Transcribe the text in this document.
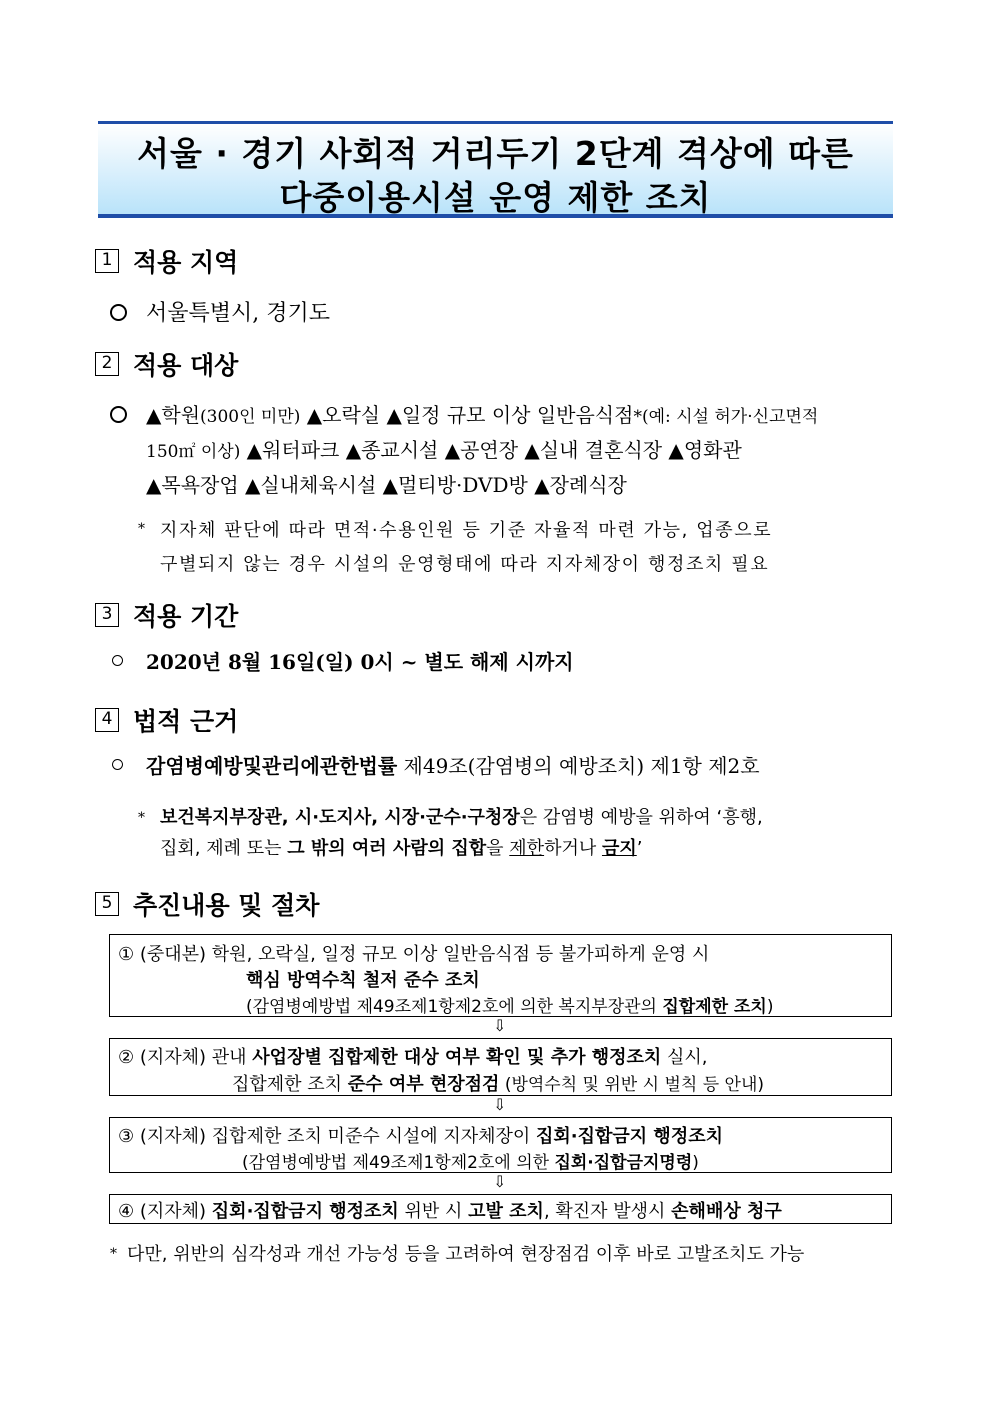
서울 · 경기 사회적 거리두기 2단계 격상에 따른
다중이용시설 운영 제한 조치
1 적용 지역
서울특별시, 경기도
2 적용 대상
▲학원(300인 미만) ▲오락실 ▲일정 규모 이상 일반음식점*(예: 시설 허가·신고면적
150㎡ 이상) ▲워터파크 ▲종교시설 ▲공연장 ▲실내 결혼식장 ▲영화관
▲목욕장업 ▲실내체육시설 ▲멀티방·DVD방 ▲장례식장
* 지자체 판단에 따라 면적·수용인원 등 기준 자율적 마련 가능, 업종으로
구별되지 않는 경우 시설의 운영형태에 따라 지자체장이 행정조치 필요
3 적용 기간
2020년 8월 16일(일) 0시 ~ 별도 해제 시까지
4 법적 근거
감염병예방및관리에관한법률 제49조(감염병의 예방조치) 제1항 제2호
* 보건복지부장관, 시·도지사, 시장·군수·구청장은 감염병 예방을 위하여 ‘흥행,
집회, 제례 또는 그 밖의 여러 사람의 집합을 제한하거나 금지’
5 추진내용 및 절차
① (중대본) 학원, 오락실, 일정 규모 이상 일반음식점 등 불가피하게 운영 시
핵심 방역수칙 철저 준수 조치
(감염병예방법 제49조제1항제2호에 의한 복지부장관의 집합제한 조치)
⇩
② (지자체) 관내 사업장별 집합제한 대상 여부 확인 및 추가 행정조치 실시,
집합제한 조치 준수 여부 현장점검 (방역수칙 및 위반 시 벌칙 등 안내)
⇩
③ (지자체) 집합제한 조치 미준수 시설에 지자체장이 집회·집합금지 행정조치
(감염병예방법 제49조제1항제2호에 의한 집회·집합금지명령)
⇩
④ (지자체) 집회·집합금지 행정조치 위반 시 고발 조치, 확진자 발생시 손해배상 청구
* 다만, 위반의 심각성과 개선 가능성 등을 고려하여 현장점검 이후 바로 고발조치도 가능
